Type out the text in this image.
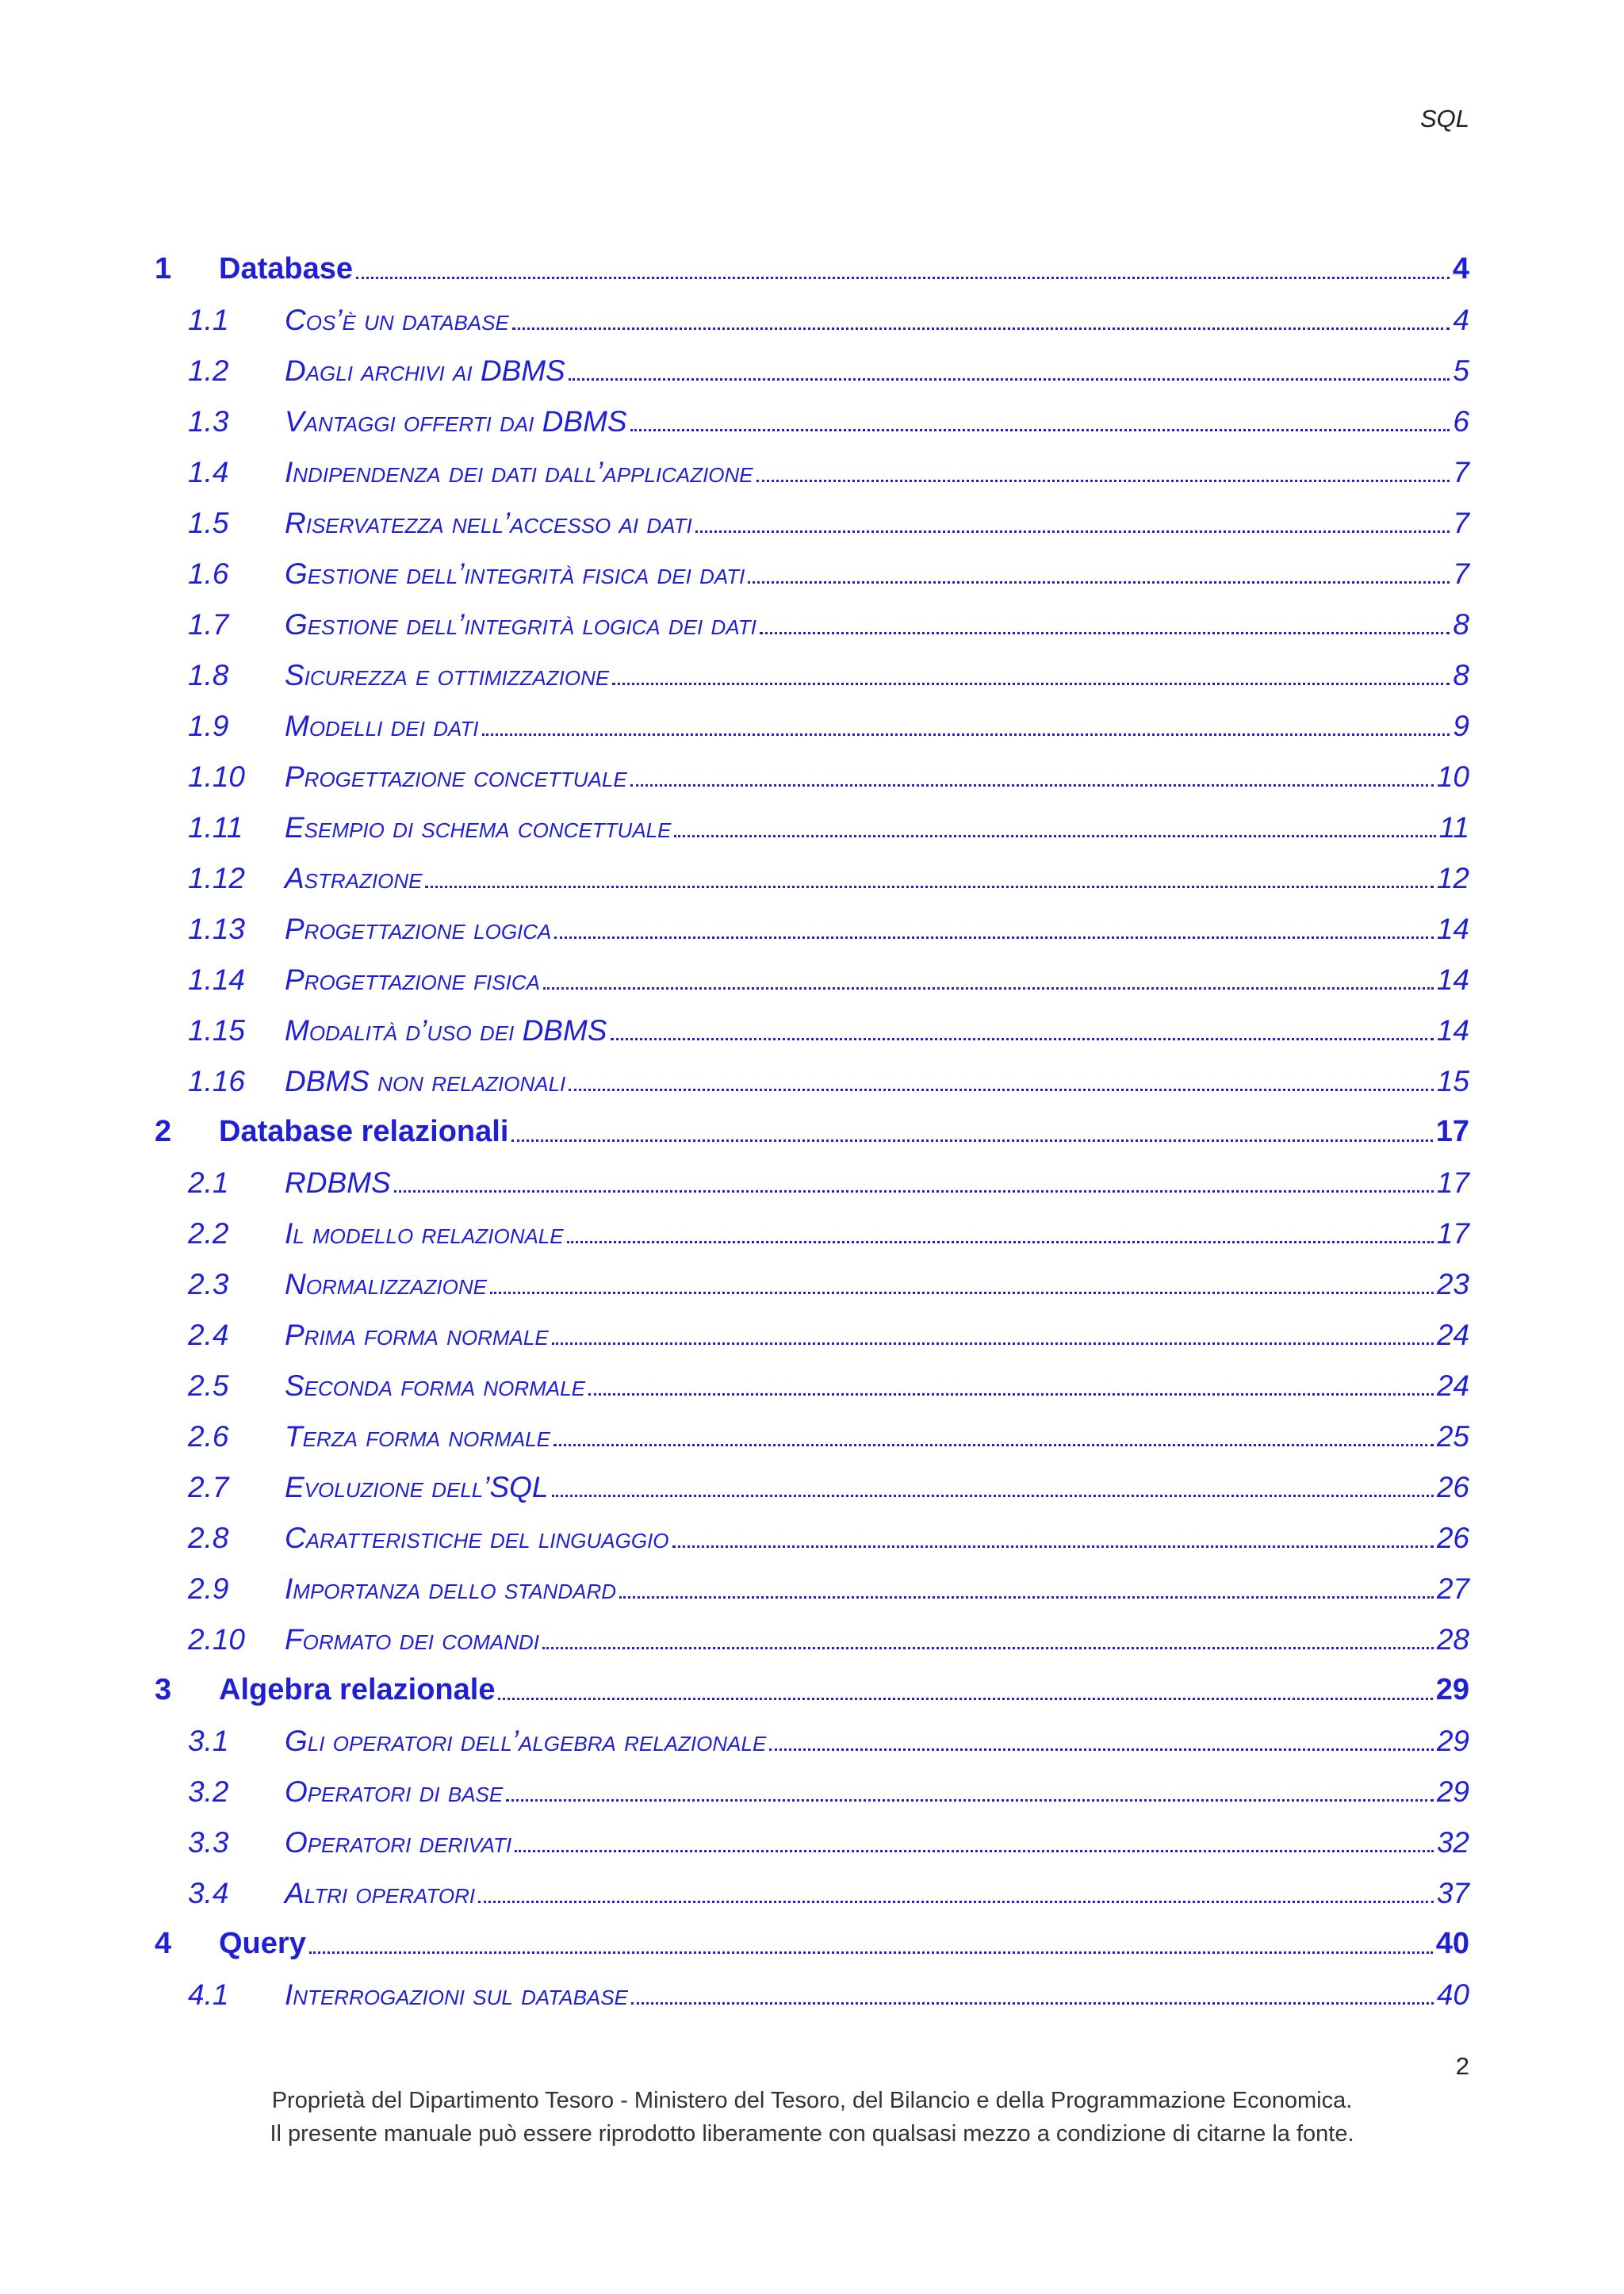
SQL
1	Database	4
1.1	Cos’è un database	4
1.2	Dagli archivi ai DBMS	5
1.3	Vantaggi offerti dai DBMS	6
1.4	Indipendenza dei dati dall’applicazione	7
1.5	Riservatezza nell’accesso ai dati	7
1.6	Gestione dell’integrità fisica dei dati	7
1.7	Gestione dell’integrità logica dei dati	8
1.8	Sicurezza e ottimizzazione	8
1.9	Modelli dei dati	9
1.10	Progettazione concettuale	10
1.11	Esempio di schema concettuale	11
1.12	Astrazione	12
1.13	Progettazione logica	14
1.14	Progettazione fisica	14
1.15	Modalità d’uso dei DBMS	14
1.16	DBMS non relazionali	15
2	Database relazionali	17
2.1	RDBMS	17
2.2	Il modello relazionale	17
2.3	Normalizzazione	23
2.4	Prima forma normale	24
2.5	Seconda forma normale	24
2.6	Terza forma normale	25
2.7	Evoluzione dell’SQL	26
2.8	Caratteristiche del linguaggio	26
2.9	Importanza dello standard	27
2.10	Formato dei comandi	28
3	Algebra relazionale	29
3.1	Gli operatori dell’algebra relazionale	29
3.2	Operatori di base	29
3.3	Operatori derivati	32
3.4	Altri operatori	37
4	Query	40
4.1	Interrogazioni sul database	40
2
Proprietà del Dipartimento Tesoro - Ministero del Tesoro, del Bilancio e della Programmazione Economica.
Il presente manuale può essere riprodotto liberamente con qualsasi mezzo a condizione di citarne la fonte.
